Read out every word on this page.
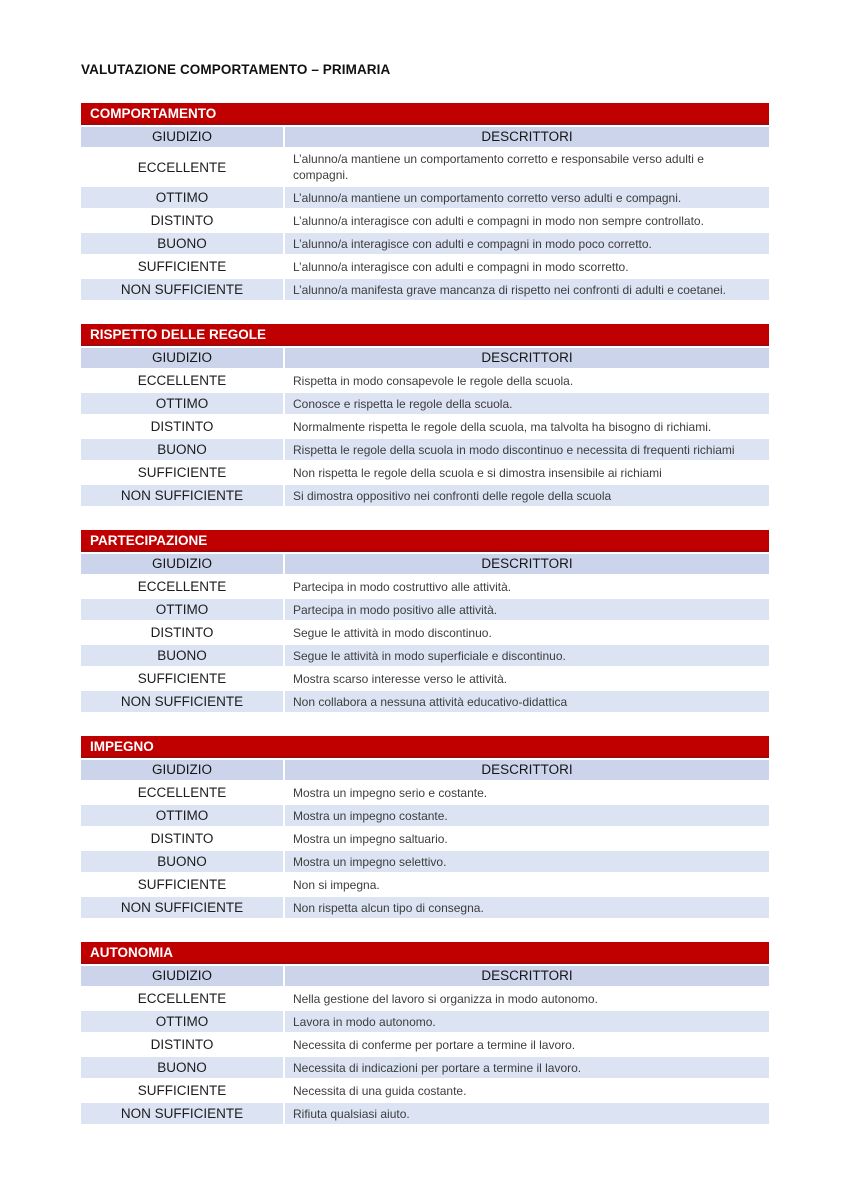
VALUTAZIONE COMPORTAMENTO – PRIMARIA
COMPORTAMENTO
GIUDIZIO	DESCRITTORI
ECCELLENTE	L’alunno/a mantiene un comportamento corretto e responsabile verso adulti e compagni.
OTTIMO	L’alunno/a mantiene un comportamento corretto verso adulti e compagni.
DISTINTO	L’alunno/a interagisce con adulti e compagni in modo non sempre controllato.
BUONO	L’alunno/a interagisce con adulti e compagni in modo poco corretto.
SUFFICIENTE	L’alunno/a interagisce con adulti e compagni in modo scorretto.
NON SUFFICIENTE	L’alunno/a manifesta grave mancanza di rispetto nei confronti di adulti e coetanei.
RISPETTO DELLE REGOLE
GIUDIZIO	DESCRITTORI
ECCELLENTE	Rispetta in modo consapevole le regole della scuola.
OTTIMO	Conosce e rispetta le regole della scuola.
DISTINTO	Normalmente rispetta le regole della scuola, ma talvolta ha bisogno di richiami.
BUONO	Rispetta le regole della scuola in modo discontinuo e necessita di frequenti richiami
SUFFICIENTE	Non rispetta le regole della scuola e si dimostra insensibile ai richiami
NON SUFFICIENTE	Si dimostra oppositivo nei confronti delle regole della scuola
PARTECIPAZIONE
GIUDIZIO	DESCRITTORI
ECCELLENTE	Partecipa in modo costruttivo alle attività.
OTTIMO	Partecipa in modo positivo alle attività.
DISTINTO	Segue le attività in modo discontinuo.
BUONO	Segue le attività in modo superficiale e discontinuo.
SUFFICIENTE	Mostra scarso interesse verso le attività.
NON SUFFICIENTE	Non collabora a nessuna attività educativo-didattica
IMPEGNO
GIUDIZIO	DESCRITTORI
ECCELLENTE	Mostra un impegno serio e costante.
OTTIMO	Mostra un impegno costante.
DISTINTO	Mostra un impegno saltuario.
BUONO	Mostra un impegno selettivo.
SUFFICIENTE	Non si impegna.
NON SUFFICIENTE	Non rispetta alcun tipo di consegna.
AUTONOMIA
GIUDIZIO	DESCRITTORI
ECCELLENTE	Nella gestione del lavoro si organizza in modo autonomo.
OTTIMO	Lavora in modo autonomo.
DISTINTO	Necessita di conferme per portare a termine il lavoro.
BUONO	Necessita di indicazioni per portare a termine il lavoro.
SUFFICIENTE	Necessita di una guida costante.
NON SUFFICIENTE	Rifiuta qualsiasi aiuto.
